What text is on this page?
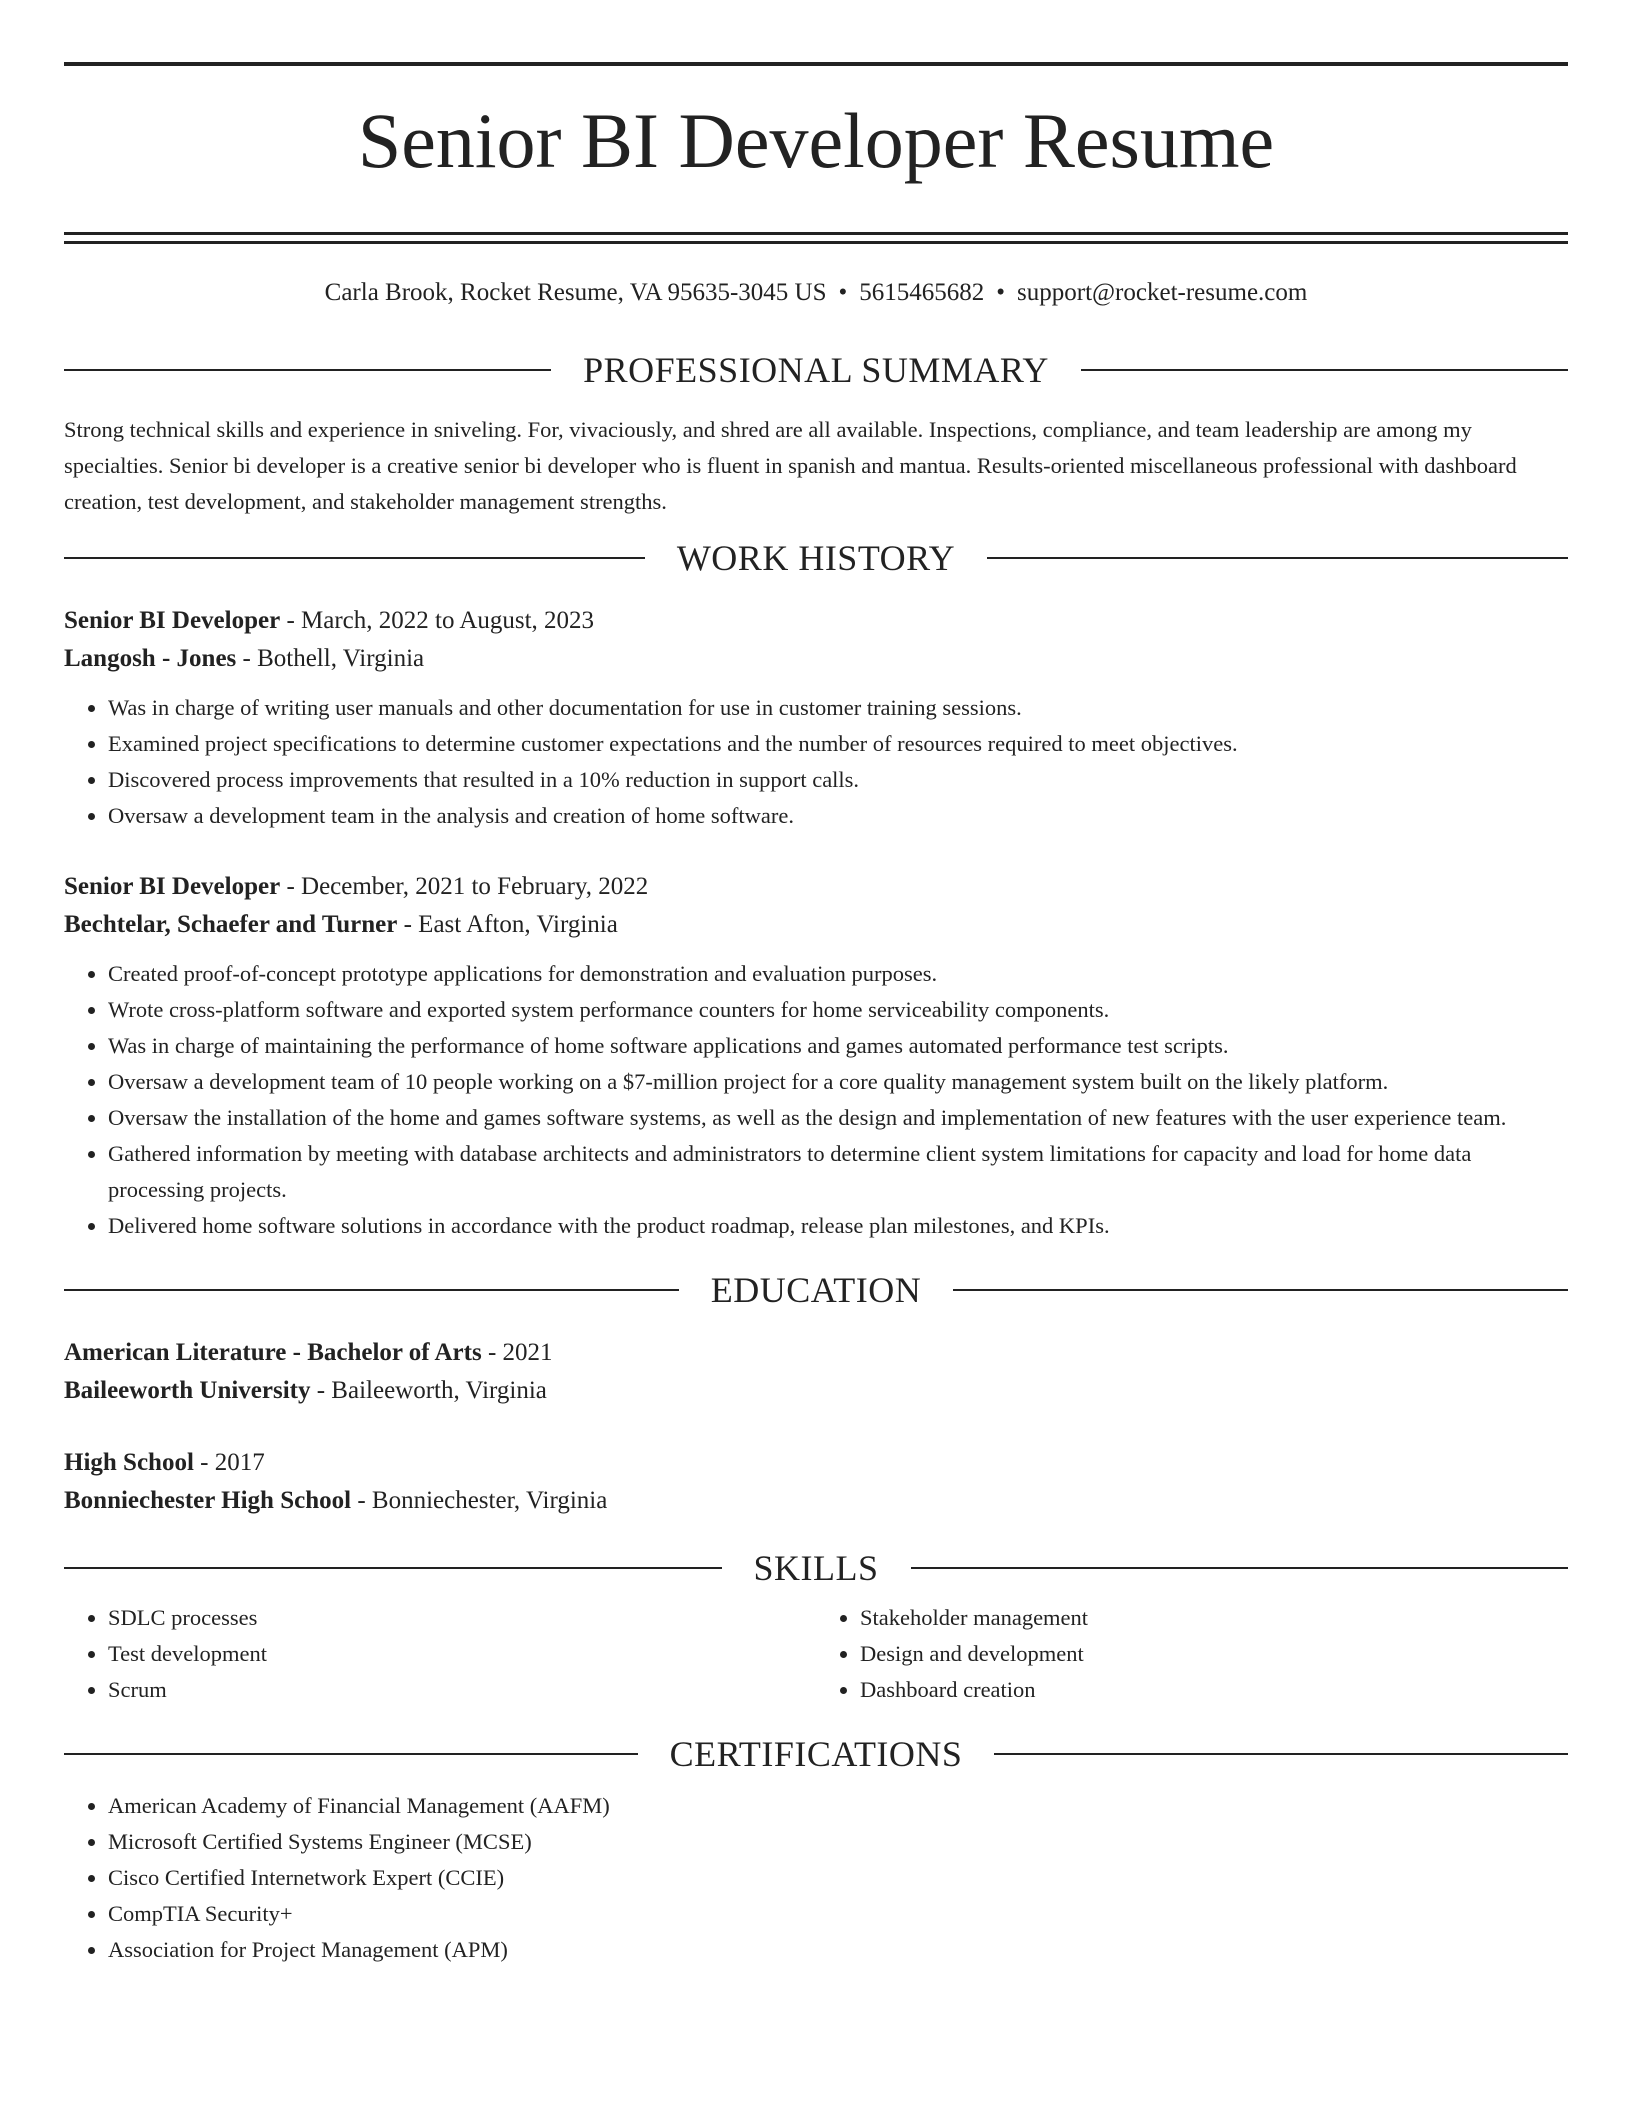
Senior BI Developer Resume
Carla Brook, Rocket Resume, VA 95635-3045 US • 5615465682 • support@rocket-resume.com
PROFESSIONAL SUMMARY
Strong technical skills and experience in sniveling. For, vivaciously, and shred are all available. Inspections, compliance, and team leadership are among my specialties. Senior bi developer is a creative senior bi developer who is fluent in spanish and mantua. Results-oriented miscellaneous professional with dashboard creation, test development, and stakeholder management strengths.
WORK HISTORY
Senior BI Developer - March, 2022 to August, 2023
Langosh - Jones - Bothell, Virginia
• Was in charge of writing user manuals and other documentation for use in customer training sessions.
• Examined project specifications to determine customer expectations and the number of resources required to meet objectives.
• Discovered process improvements that resulted in a 10% reduction in support calls.
• Oversaw a development team in the analysis and creation of home software.
Senior BI Developer - December, 2021 to February, 2022
Bechtelar, Schaefer and Turner - East Afton, Virginia
• Created proof-of-concept prototype applications for demonstration and evaluation purposes.
• Wrote cross-platform software and exported system performance counters for home serviceability components.
• Was in charge of maintaining the performance of home software applications and games automated performance test scripts.
• Oversaw a development team of 10 people working on a $7-million project for a core quality management system built on the likely platform.
• Oversaw the installation of the home and games software systems, as well as the design and implementation of new features with the user experience team.
• Gathered information by meeting with database architects and administrators to determine client system limitations for capacity and load for home data processing projects.
• Delivered home software solutions in accordance with the product roadmap, release plan milestones, and KPIs.
EDUCATION
American Literature - Bachelor of Arts - 2021
Baileeworth University - Baileeworth, Virginia
High School - 2017
Bonniechester High School - Bonniechester, Virginia
SKILLS
• SDLC processes
• Test development
• Scrum
• Stakeholder management
• Design and development
• Dashboard creation
CERTIFICATIONS
• American Academy of Financial Management (AAFM)
• Microsoft Certified Systems Engineer (MCSE)
• Cisco Certified Internetwork Expert (CCIE)
• CompTIA Security+
• Association for Project Management (APM)
